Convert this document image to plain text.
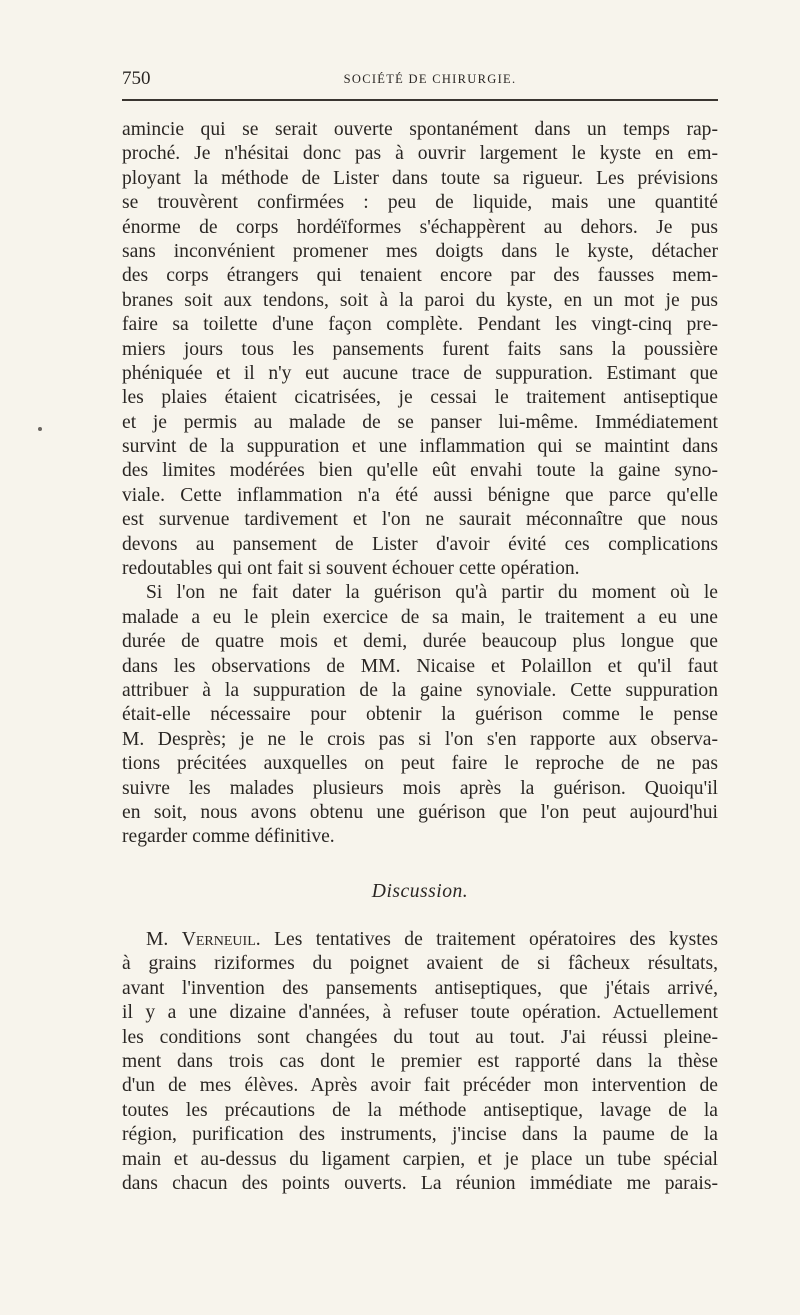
750	SOCIÉTÉ DE CHIRURGIE.
amincie qui se serait ouverte spontanément dans un temps rap-
proché. Je n'hésitai donc pas à ouvrir largement le kyste en em-
ployant la méthode de Lister dans toute sa rigueur. Les prévisions
se trouvèrent confirmées : peu de liquide, mais une quantité
énorme de corps hordéïformes s'échappèrent au dehors. Je pus
sans inconvénient promener mes doigts dans le kyste, détacher
des corps étrangers qui tenaient encore par des fausses mem-
branes soit aux tendons, soit à la paroi du kyste, en un mot je pus
faire sa toilette d'une façon complète. Pendant les vingt-cinq pre-
miers jours tous les pansements furent faits sans la poussière
phéniquée et il n'y eut aucune trace de suppuration. Estimant que
les plaies étaient cicatrisées, je cessai le traitement antiseptique
et je permis au malade de se panser lui-même. Immédiatement
survint de la suppuration et une inflammation qui se maintint dans
des limites modérées bien qu'elle eût envahi toute la gaine syno-
viale. Cette inflammation n'a été aussi bénigne que parce qu'elle
est survenue tardivement et l'on ne saurait méconnaître que nous
devons au pansement de Lister d'avoir évité ces complications
redoutables qui ont fait si souvent échouer cette opération.
Si l'on ne fait dater la guérison qu'à partir du moment où le
malade a eu le plein exercice de sa main, le traitement a eu une
durée de quatre mois et demi, durée beaucoup plus longue que
dans les observations de MM. Nicaise et Polaillon et qu'il faut
attribuer à la suppuration de la gaine synoviale. Cette suppuration
était-elle nécessaire pour obtenir la guérison comme le pense
M. Desprès; je ne le crois pas si l'on s'en rapporte aux observa-
tions précitées auxquelles on peut faire le reproche de ne pas
suivre les malades plusieurs mois après la guérison. Quoiqu'il
en soit, nous avons obtenu une guérison que l'on peut aujourd'hui
regarder comme définitive.
Discussion.
M. Verneuil. Les tentatives de traitement opératoires des kystes
à grains riziformes du poignet avaient de si fâcheux résultats,
avant l'invention des pansements antiseptiques, que j'étais arrivé,
il y a une dizaine d'années, à refuser toute opération. Actuellement
les conditions sont changées du tout au tout. J'ai réussi pleine-
ment dans trois cas dont le premier est rapporté dans la thèse
d'un de mes élèves. Après avoir fait précéder mon intervention de
toutes les précautions de la méthode antiseptique, lavage de la
région, purification des instruments, j'incise dans la paume de la
main et au-dessus du ligament carpien, et je place un tube spécial
dans chacun des points ouverts. La réunion immédiate me parais-
